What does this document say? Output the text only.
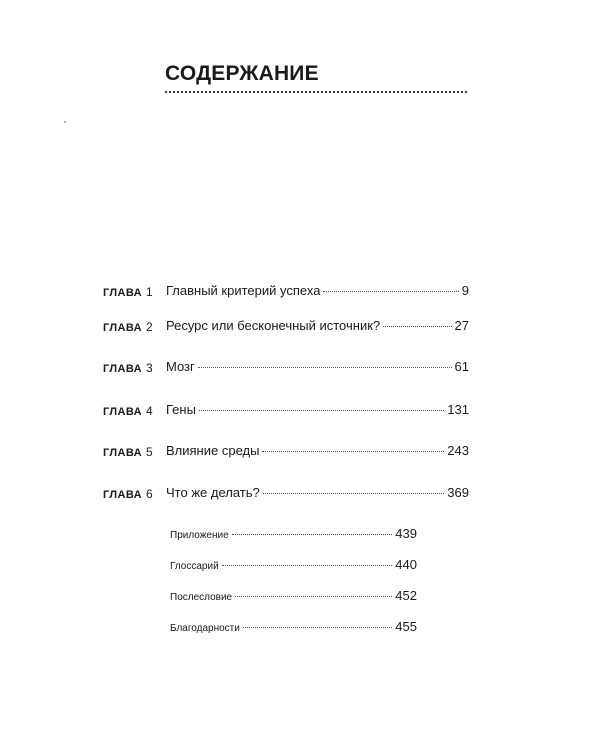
СОДЕРЖАНИЕ
ГЛАВА 1 Главный критерий успеха	9
ГЛАВА 2 Ресурс или бесконечный источник?	27
ГЛАВА 3 Мозг	61
ГЛАВА 4 Гены	131
ГЛАВА 5 Влияние среды	243
ГЛАВА 6 Что же делать?	369
Приложение	439
Глоссарий	440
Послесловие	452
Благодарности	455
